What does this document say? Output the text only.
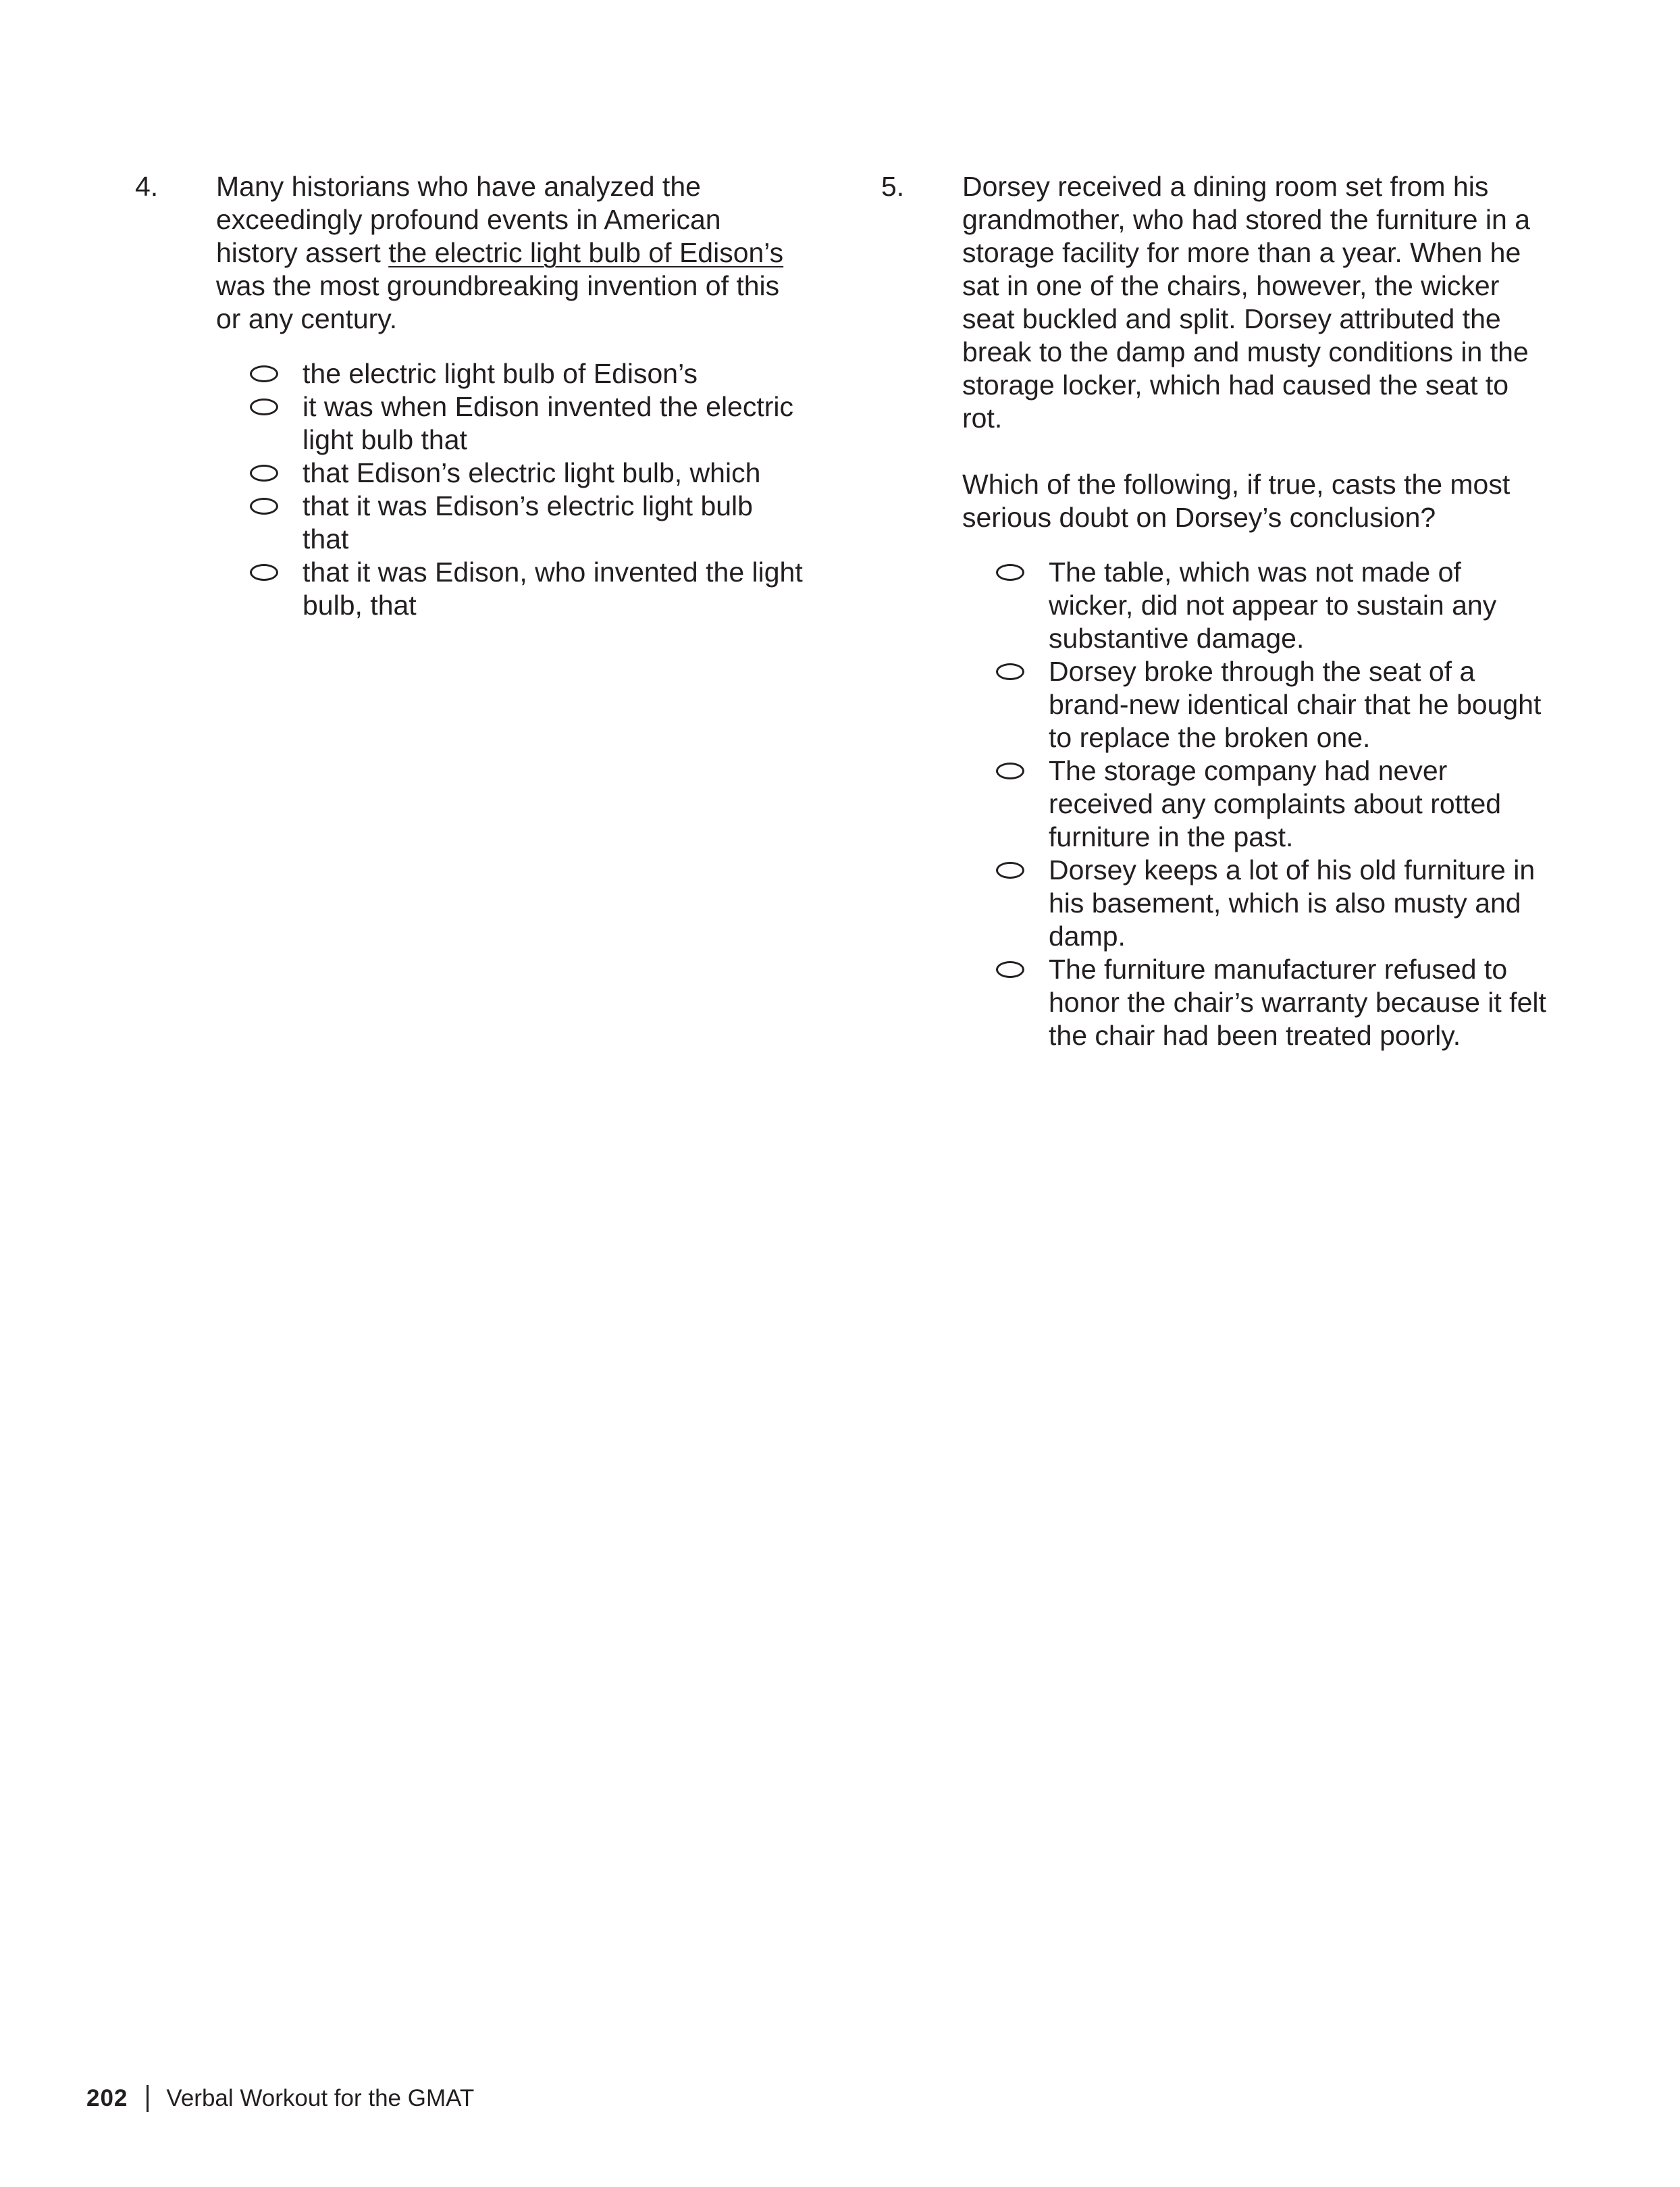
4.	Many historians who have analyzed the exceedingly profound events in American history assert the electric light bulb of Edison’s was the most groundbreaking invention of this or any century.

the electric light bulb of Edison’s
it was when Edison invented the electric light bulb that
that Edison’s electric light bulb, which
that it was Edison’s electric light bulb that
that it was Edison, who invented the light bulb, that
5.	Dorsey received a dining room set from his grandmother, who had stored the furniture in a storage facility for more than a year. When he sat in one of the chairs, however, the wicker seat buckled and split. Dorsey attributed the break to the damp and musty conditions in the storage locker, which had caused the seat to rot.

Which of the following, if true, casts the most serious doubt on Dorsey’s conclusion?

The table, which was not made of wicker, did not appear to sustain any substantive damage.
Dorsey broke through the seat of a brand-new identical chair that he bought to replace the broken one.
The storage company had never received any complaints about rotted furniture in the past.
Dorsey keeps a lot of his old furniture in his basement, which is also musty and damp.
The furniture manufacturer refused to honor the chair’s warranty because it felt the chair had been treated poorly.
202 Verbal Workout for the GMAT
